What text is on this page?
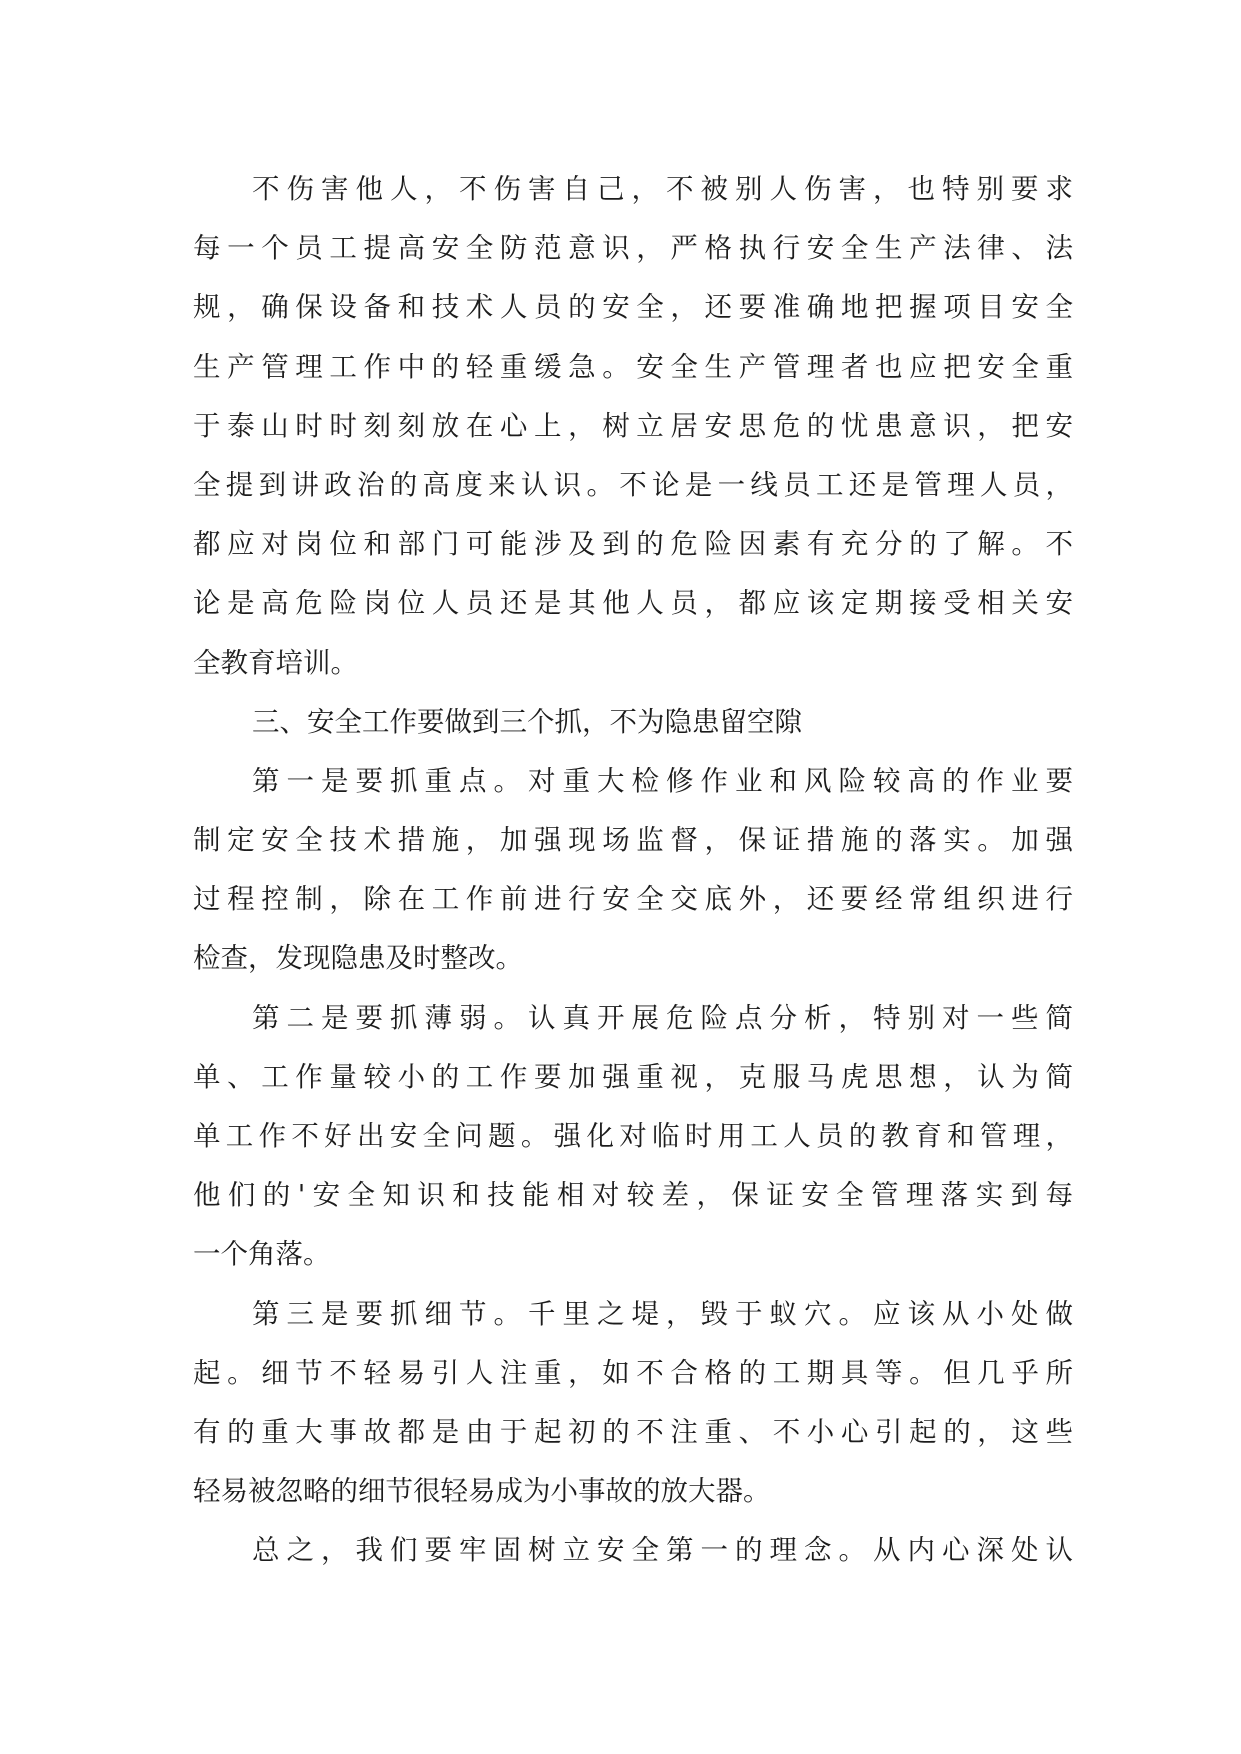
不伤害他人，不伤害自己，不被别人伤害，也特别要求
每一个员工提高安全防范意识，严格执行安全生产法律、法
规，确保设备和技术人员的安全，还要准确地把握项目安全
生产管理工作中的轻重缓急。安全生产管理者也应把安全重
于泰山时时刻刻放在心上，树立居安思危的忧患意识，把安
全提到讲政治的高度来认识。不论是一线员工还是管理人员，
都应对岗位和部门可能涉及到的危险因素有充分的了解。不
论是高危险岗位人员还是其他人员，都应该定期接受相关安
全教育培训。
三、安全工作要做到三个抓，不为隐患留空隙
第一是要抓重点。对重大检修作业和风险较高的作业要
制定安全技术措施，加强现场监督，保证措施的落实。加强
过程控制，除在工作前进行安全交底外，还要经常组织进行
检查，发现隐患及时整改。
第二是要抓薄弱。认真开展危险点分析，特别对一些简
单、工作量较小的工作要加强重视，克服马虎思想，认为简
单工作不好出安全问题。强化对临时用工人员的教育和管理，
他们的'安全知识和技能相对较差，保证安全管理落实到每
一个角落。
第三是要抓细节。千里之堤，毁于蚁穴。应该从小处做
起。细节不轻易引人注重，如不合格的工期具等。但几乎所
有的重大事故都是由于起初的不注重、不小心引起的，这些
轻易被忽略的细节很轻易成为小事故的放大器。
总之，我们要牢固树立安全第一的理念。从内心深处认
